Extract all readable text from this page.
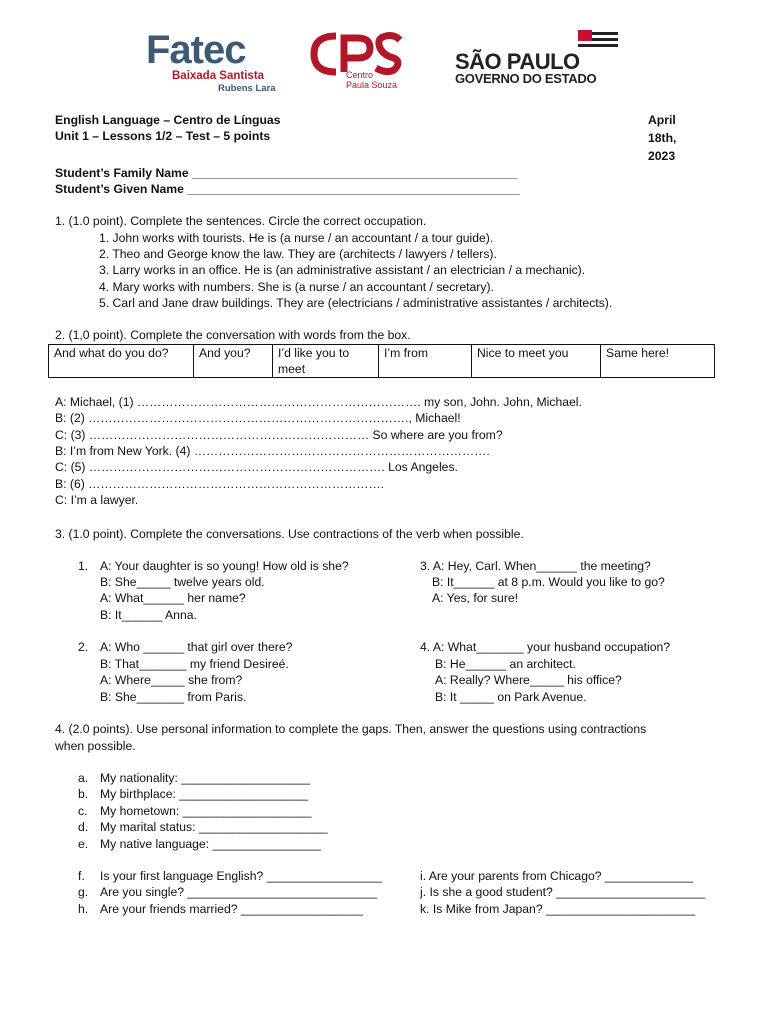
Fatec
Baixada Santista
Rubens Lara
Centro
Paula Souza
SÃO PAULO
GOVERNO DO ESTADO
English Language – Centro de Línguas
Unit 1 – Lessons 1/2 – Test – 5 points
April
18th,
2023
Student’s Family Name ________________________________________________
Student’s Given Name _________________________________________________
1. (1.0 point). Complete the sentences. Circle the correct occupation.
1. John works with tourists. He is (a nurse / an accountant / a tour guide).
2. Theo and George know the law. They are (architects / lawyers / tellers).
3. Larry works in an office. He is (an administrative assistant / an electrician / a mechanic).
4. Mary works with numbers. She is (a nurse / an accountant / secretary).
5. Carl and Jane draw buildings. They are (electricians / administrative assistantes / architects).
2. (1,0 point). Complete the conversation with words from the box.
And what do you do?	And you?	I’d like you to meet	I’m from	Nice to meet you	Same here!
A: Michael, (1) ……………………………………………………………. my son, John. John, Michael.
B: (2) ……………………………………………………………………., Michael!
C: (3) …………………………………………………………… So where are you from?
B: I’m from New York. (4) ……………………………………………………………….
C: (5) ………………………………………………………………. Los Angeles.
B: (6) ……………………………………………………………….
C: I’m a lawyer.
3. (1.0 point). Complete the conversations. Use contractions of the verb when possible.
1. A: Your daughter is so young! How old is she?
B: She_____ twelve years old.
A: What______ her name?
B: It______ Anna.
3. A: Hey, Carl. When______ the meeting?
B: It______ at 8 p.m. Would you like to go?
A: Yes, for sure!
2. A: Who ______ that girl over there?
B: That_______ my friend Desireé.
A: Where_____ she from?
B: She_______ from Paris.
4. A: What_______ your husband occupation?
B: He______ an architect.
A: Really? Where_____ his office?
B: It _____ on Park Avenue.
4. (2.0 points). Use personal information to complete the gaps. Then, answer the questions using contractions
when possible.
a. My nationality: ___________________
b. My birthplace: ___________________
c. My hometown: ___________________
d. My marital status: ___________________
e. My native language: ________________
f. Is your first language English? _________________
g. Are you single? ____________________________
h. Are your friends married? __________________
i. Are your parents from Chicago? _____________
j. Is she a good student? ______________________
k. Is Mike from Japan? ______________________
